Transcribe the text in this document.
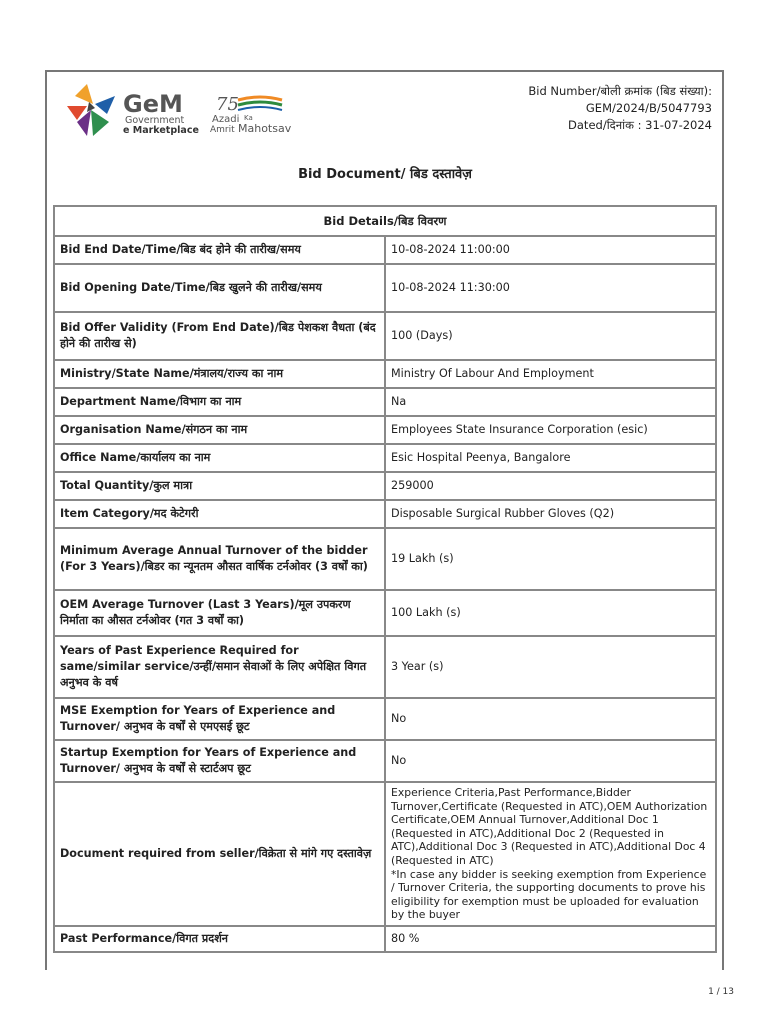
GeM
Government
e Marketplace
75
Azadi Ka
Amrit Mahotsav
Bid Number/बोली क्रमांक (बिड संख्या):
GEM/2024/B/5047793
Dated/दिनांक : 31-07-2024
Bid Document/ बिड दस्तावेज़
Bid Details/बिड विवरण	
Bid End Date/Time/बिड बंद होने की तारीख/समय	10-08-2024 11:00:00
Bid Opening Date/Time/बिड खुलने की तारीख/समय	10-08-2024 11:30:00
Bid Offer Validity (From End Date)/बिड पेशकश वैधता (बंद होने की तारीख से)	100 (Days)
Ministry/State Name/मंत्रालय/राज्य का नाम	Ministry Of Labour And Employment
Department Name/विभाग का नाम	Na
Organisation Name/संगठन का नाम	Employees State Insurance Corporation (esic)
Office Name/कार्यालय का नाम	Esic Hospital Peenya, Bangalore
Total Quantity/कुल मात्रा	259000
Item Category/मद केटेगरी	Disposable Surgical Rubber Gloves (Q2)
Minimum Average Annual Turnover of the bidder (For 3 Years)/बिडर का न्यूनतम औसत वार्षिक टर्नओवर (3 वर्षों का)	19 Lakh (s)
OEM Average Turnover (Last 3 Years)/मूल उपकरण निर्माता का औसत टर्नओवर (गत 3 वर्षों का)	100 Lakh (s)
Years of Past Experience Required for same/similar service/उन्हीं/समान सेवाओं के लिए अपेक्षित विगत अनुभव के वर्ष	3 Year (s)
MSE Exemption for Years of Experience and Turnover/ अनुभव के वर्षों से एमएसई छूट	No
Startup Exemption for Years of Experience and Turnover/ अनुभव के वर्षों से स्टार्टअप छूट	No
Document required from seller/विक्रेता से मांगे गए दस्तावेज़	Experience Criteria,Past Performance,Bidder Turnover,Certificate (Requested in ATC),OEM Authorization Certificate,OEM Annual Turnover,Additional Doc 1 (Requested in ATC),Additional Doc 2 (Requested in ATC),Additional Doc 3 (Requested in ATC),Additional Doc 4 (Requested in ATC)
*In case any bidder is seeking exemption from Experience / Turnover Criteria, the supporting documents to prove his eligibility for exemption must be uploaded for evaluation by the buyer

Past Performance/विगत प्रदर्शन	80 %
1 / 13
